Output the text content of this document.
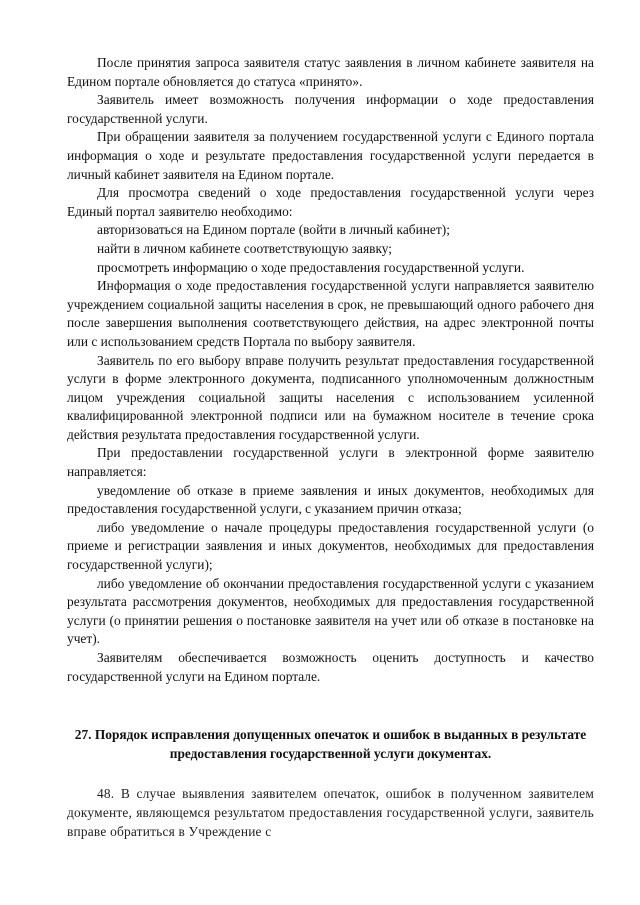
После принятия запроса заявителя статус заявления в личном кабинете заявителя на Едином портале обновляется до статуса «принято».

Заявитель имеет возможность получения информации о ходе предоставления государственной услуги.

При обращении заявителя за получением государственной услуги с Единого портала информация о ходе и результате предоставления государственной услуги передается в личный кабинет заявителя на Едином портале.

Для просмотра сведений о ходе предоставления государственной услуги через Единый портал заявителю необходимо:

авторизоваться на Едином портале (войти в личный кабинет);

найти в личном кабинете соответствующую заявку;

просмотреть информацию о ходе предоставления государственной услуги.

Информация о ходе предоставления государственной услуги направляется заявителю учреждением социальной защиты населения в срок, не превышающий одного рабочего дня после завершения выполнения соответствующего действия, на адрес электронной почты или с использованием средств Портала по выбору заявителя.

Заявитель по его выбору вправе получить результат предоставления государственной услуги в форме электронного документа, подписанного уполномоченным должностным лицом учреждения социальной защиты населения с использованием усиленной квалифицированной электронной подписи или на бумажном носителе в течение срока действия результата предоставления государственной услуги.

При предоставлении государственной услуги в электронной форме заявителю направляется:

уведомление об отказе в приеме заявления и иных документов, необходимых для предоставления государственной услуги, с указанием причин отказа;

либо уведомление о начале процедуры предоставления государственной услуги (о приеме и регистрации заявления и иных документов, необходимых для предоставления государственной услуги);

либо уведомление об окончании предоставления государственной услуги с указанием результата рассмотрения документов, необходимых для предоставления государственной услуги (о принятии решения о постановке заявителя на учет или об отказе в постановке на учет).

Заявителям обеспечивается возможность оценить доступность и качество государственной услуги на Едином портале.

27. Порядок исправления допущенных опечаток и ошибок в выданных в результате предоставления государственной услуги документах.

48. В случае выявления заявителем опечаток, ошибок в полученном заявителем документе, являющемся результатом предоставления государственной услуги, заявитель вправе обратиться в Учреждение с
